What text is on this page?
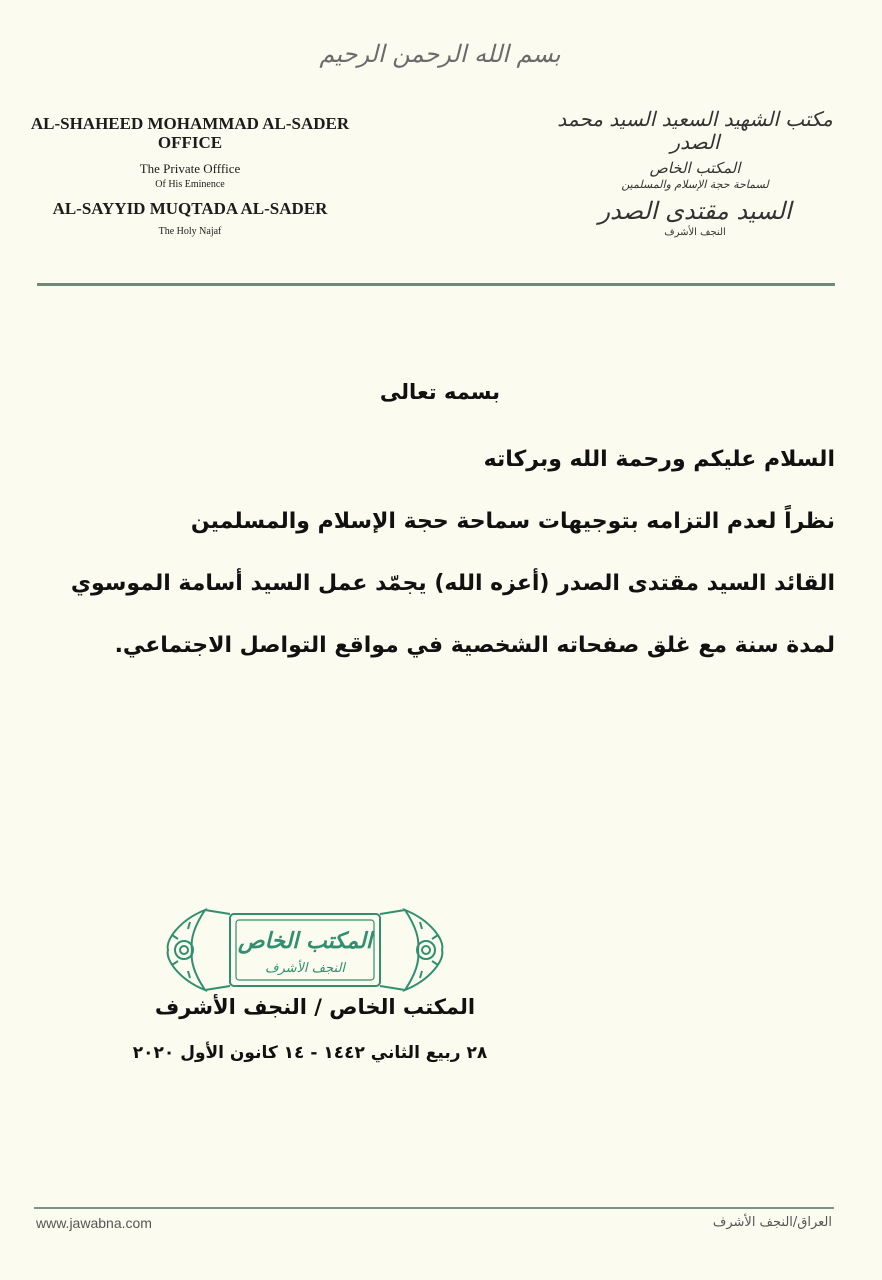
بسم الله الرحمن الرحيم
AL-SHAHEED MOHAMMAD AL-SADER OFFICE
The Private Offfice
Of His Eminence
AL-SAYYID MUQTADA AL-SADER
The Holy Najaf
مكتب الشهيد السعيد السيد محمد الصدر
المكتب الخاص
لسماحة حجة الإسلام والمسلمين
السيد مقتدى الصدر
النجف الأشرف
بسمه تعالى
السلام عليكم ورحمة الله وبركاته
نظراً لعدم التزامه بتوجيهات سماحة حجة الإسلام والمسلمين
القائد السيد مقتدى الصدر (أعزه الله) يجمّد عمل السيد أسامة الموسوي
لمدة سنة مع غلق صفحاته الشخصية في مواقع التواصل الاجتماعي.
المكتب الخاص
النجف الأشرف
المكتب الخاص / النجف الأشرف
٢٨ ربيع الثاني ١٤٤٢ - ١٤ كانون الأول ٢٠٢٠
www.jawabna.com	العراق/النجف الأشرف
